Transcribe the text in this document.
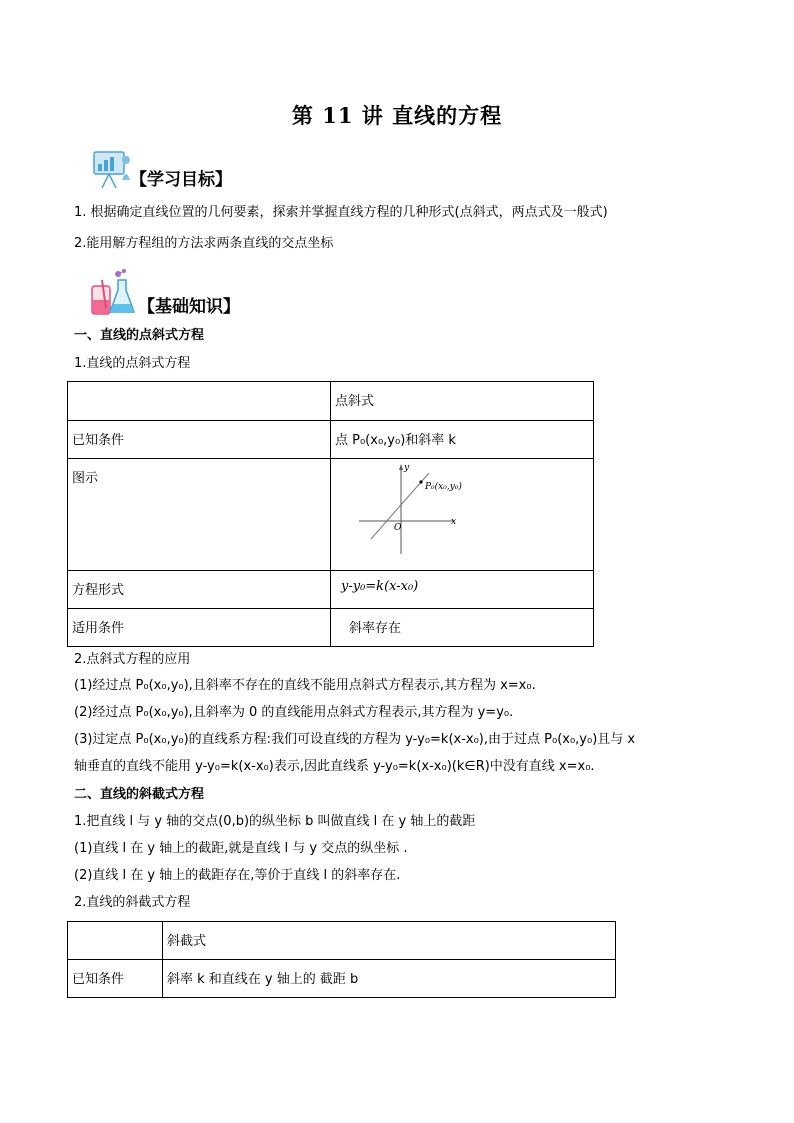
第 11 讲 直线的方程
【学习目标】
1. 根据确定直线位置的几何要素，探索并掌握直线方程的几种形式(点斜式，两点式及一般式)
2.能用解方程组的方法求两条直线的交点坐标
【基础知识】
一、直线的点斜式方程
1.直线的点斜式方程
	点斜式
已知条件	点 P₀(x₀,y₀)和斜率 k
图示	x
y
O
P₀(x₀,y₀)

方程形式	y-y₀=k(x-x₀)
适用条件	斜率存在
2.点斜式方程的应用
(1)经过点 P₀(x₀,y₀),且斜率不存在的直线不能用点斜式方程表示,其方程为 x=x₀.
(2)经过点 P₀(x₀,y₀),且斜率为 0 的直线能用点斜式方程表示,其方程为 y=y₀.
(3)过定点 P₀(x₀,y₀)的直线系方程:我们可设直线的方程为 y-y₀=k(x-x₀),由于过点 P₀(x₀,y₀)且与 x
轴垂直的直线不能用 y-y₀=k(x-x₀)表示,因此直线系 y-y₀=k(x-x₀)(k∈R)中没有直线 x=x₀.
二、直线的斜截式方程
1.把直线 l 与 y 轴的交点(0,b)的纵坐标 b 叫做直线 l 在 y 轴上的截距
(1)直线 l 在 y 轴上的截距,就是直线 l 与 y 交点的纵坐标 .
(2)直线 l 在 y 轴上的截距存在,等价于直线 l 的斜率存在.
2.直线的斜截式方程
	斜截式
已知条件	斜率 k 和直线在 y 轴上的 截距 b
